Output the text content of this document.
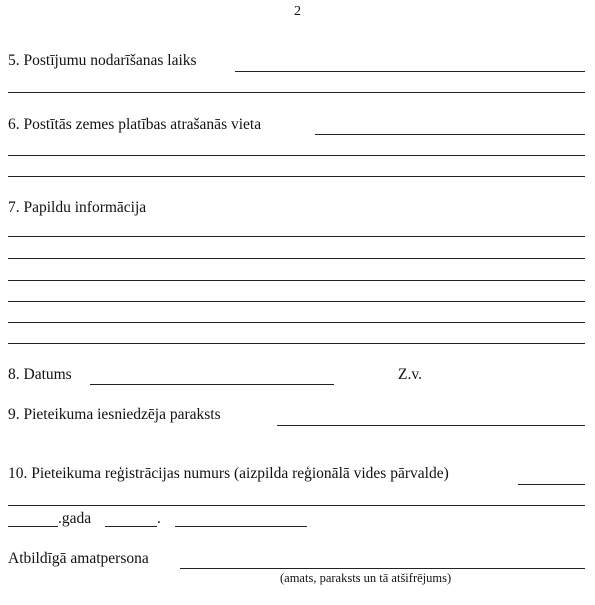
2
5. Postījumu nodarīšanas laiks
6. Postītās zemes platības atrašanās vieta
7. Papildu informācija
8. Datums	Z.v.
9. Pieteikuma iesniedzēja paraksts
10. Pieteikuma reģistrācijas numurs (aizpilda reģionālā vides pārvalde)
.gada	.
Atbildīgā amatpersona
(amats, paraksts un tā atšifrējums)
